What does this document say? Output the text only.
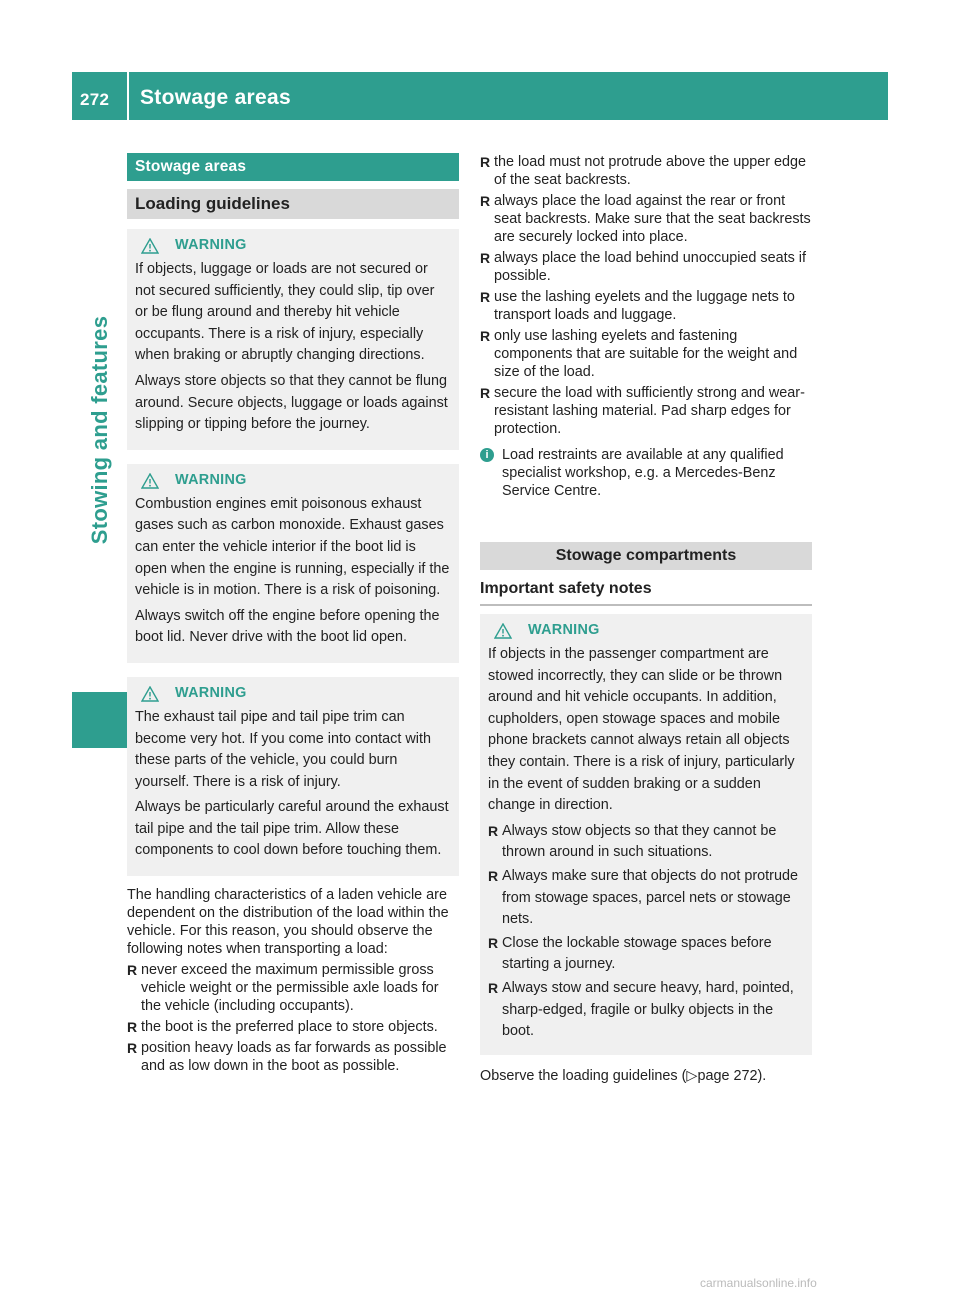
272 Stowage areas
Stowing and features
Stowage areas
Loading guidelines
WARNING

If objects, luggage or loads are not secured or not secured sufficiently, they could slip, tip over or be flung around and thereby hit vehicle occupants. There is a risk of injury, especially when braking or abruptly changing directions.

Always store objects so that they cannot be flung around. Secure objects, luggage or loads against slipping or tipping before the journey.

WARNING

Combustion engines emit poisonous exhaust gases such as carbon monoxide. Exhaust gases can enter the vehicle interior if the boot lid is open when the engine is running, especially if the vehicle is in motion. There is a risk of poisoning.

Always switch off the engine before opening the boot lid. Never drive with the boot lid open.

WARNING

The exhaust tail pipe and tail pipe trim can become very hot. If you come into contact with these parts of the vehicle, you could burn yourself. There is a risk of injury.

Always be particularly careful around the exhaust tail pipe and the tail pipe trim. Allow these components to cool down before touching them.

The handling characteristics of a laden vehicle are dependent on the distribution of the load within the vehicle. For this reason, you should observe the following notes when transporting a load:
R never exceed the maximum permissible gross vehicle weight or the permissible axle loads for the vehicle (including occupants).
R the boot is the preferred place to store objects.
R position heavy loads as far forwards as possible and as low down in the boot as possible.
R the load must not protrude above the upper edge of the seat backrests.
R always place the load against the rear or front seat backrests. Make sure that the seat backrests are securely locked into place.
R always place the load behind unoccupied seats if possible.
R use the lashing eyelets and the luggage nets to transport loads and luggage.
R only use lashing eyelets and fastening components that are suitable for the weight and size of the load.
R secure the load with sufficiently strong and wear-resistant lashing material. Pad sharp edges for protection.
i Load restraints are available at any qualified specialist workshop, e.g. a Mercedes-Benz Service Centre.
Stowage compartments
Important safety notes
WARNING

If objects in the passenger compartment are stowed incorrectly, they can slide or be thrown around and hit vehicle occupants. In addition, cupholders, open stowage spaces and mobile phone brackets cannot always retain all objects they contain. There is a risk of injury, particularly in the event of sudden braking or a sudden change in direction.

R Always stow objects so that they cannot be thrown around in such situations.
R Always make sure that objects do not protrude from stowage spaces, parcel nets or stowage nets.
R Close the lockable stowage spaces before starting a journey.
R Always stow and secure heavy, hard, pointed, sharp-edged, fragile or bulky objects in the boot.
Observe the loading guidelines (▷page 272).
carmanualsonline.info
